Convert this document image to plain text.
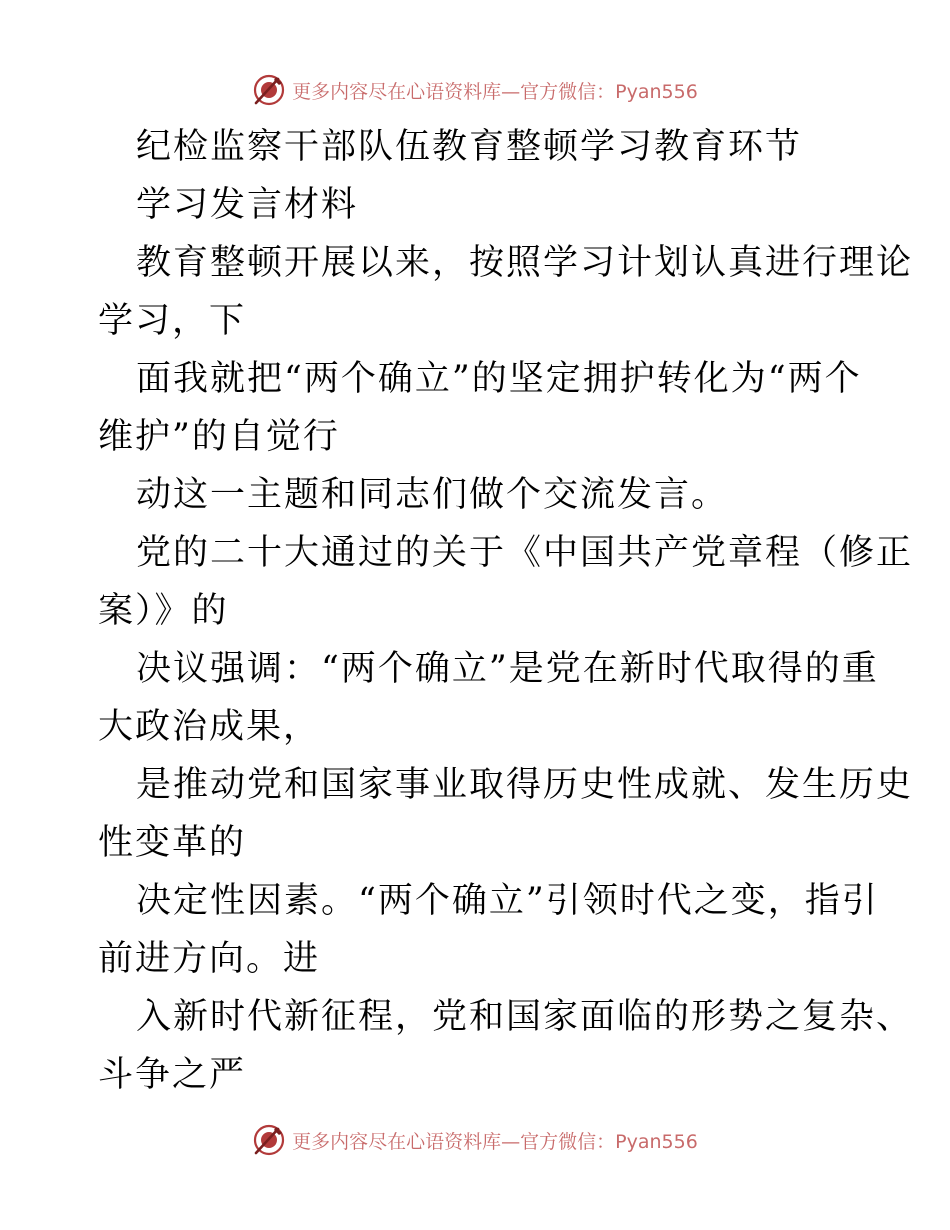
更多内容尽在心语资料库—官方微信：Pyan556
纪检监察干部队伍教育整顿学习教育环节
学习发言材料
教育整顿开展以来，按照学习计划认真进行理论
学习，下
面我就把“两个确立”的坚定拥护转化为“两个
维护”的自觉行
动这一主题和同志们做个交流发言。
党的二十大通过的关于《中国共产党章程（修正
案）》的
决议强调：“两个确立”是党在新时代取得的重
大政治成果，
是推动党和国家事业取得历史性成就、发生历史
性变革的
决定性因素。“两个确立”引领时代之变，指引
前进方向。进
入新时代新征程，党和国家面临的形势之复杂、
斗争之严
更多内容尽在心语资料库—官方微信：Pyan556
